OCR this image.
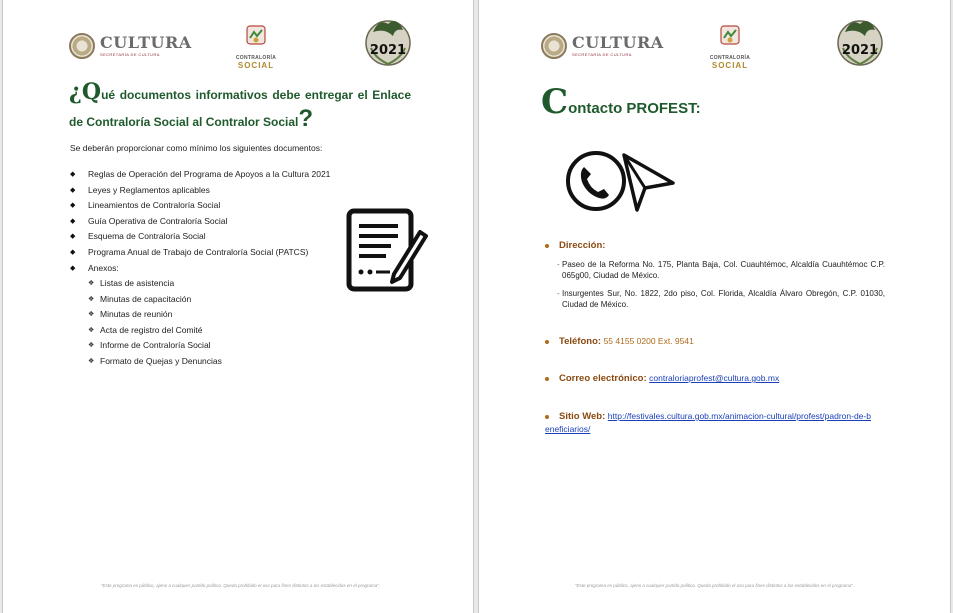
CULTURA
SECRETARÍA DE CULTURA
CONTRALORÍA
SOCIAL
2021

¿Qué documentos informativos debe entregar el Enlace de Contraloría Social al Contralor Social?

Se deberán proporcionar como mínimo los siguientes documentos:
◆	Reglas de Operación del Programa de Apoyos a la Cultura 2021
◆	Leyes y Reglamentos aplicables
◆	Lineamientos de Contraloría Social
◆	Guía Operativa de Contraloría Social
◆	Esquema de Contraloría Social
◆	Programa Anual de Trabajo de Contraloría Social (PATCS)
◆	Anexos:
❖ Listas de asistencia
❖ Minutas de capacitación
❖ Minutas de reunión
❖ Acta de registro del Comité
❖ Informe de Contraloría Social
❖ Formato de Quejas y Denuncias
"Este programa es público, ajeno a cualquier partido político. Queda prohibido el uso para fines distintos a los establecidos en el programa".
CULTURA
SECRETARÍA DE CULTURA
CONTRALORÍA
SOCIAL
2021
Contacto PROFEST:
Dirección:
- Paseo de la Reforma No. 175, Planta Baja, Col. Cuauhtémoc, Alcaldía Cuauhtémoc C.P. 065g00, Ciudad de México.
- Insurgentes Sur, No. 1822, 2do piso, Col. Florida, Alcaldía Álvaro Obregón, C.P. 01030, Ciudad de México.
Teléfono: 55 4155 0200 Ext. 9541
Correo electrónico: contraloriaprofest@cultura.gob.mx
Sitio Web: http://festivales.cultura.gob.mx/animacion-cultural/profest/padron-de-beneficiarios/
"Este programa es público, ajeno a cualquier partido político. Queda prohibido el uso para fines distintos a los establecidos en el programa".
